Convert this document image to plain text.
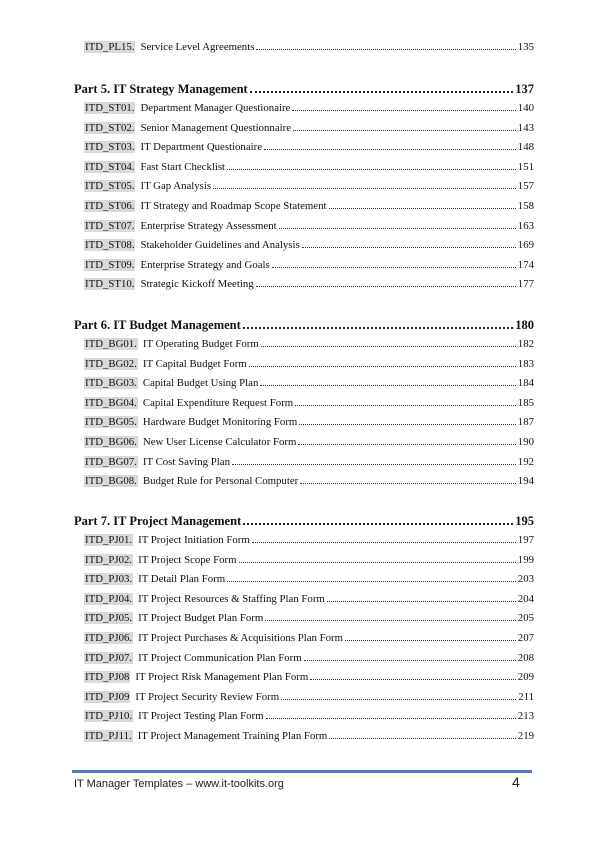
ITD_PL15. Service Level Agreements	135
Part 5. IT Strategy Management	137
ITD_ST01. Department Manager Questionaire	140
ITD_ST02. Senior Management Questionnaire	143
ITD_ST03. IT Department Questionaire	148
ITD_ST04. Fast Start Checklist	151
ITD_ST05. IT Gap Analysis	157
ITD_ST06. IT Strategy and Roadmap Scope Statement	158
ITD_ST07. Enterprise Strategy Assessment	163
ITD_ST08. Stakeholder Guidelines and Analysis	169
ITD_ST09. Enterprise Strategy and Goals	174
ITD_ST10. Strategic Kickoff Meeting	177
Part 6. IT Budget Management	180
ITD_BG01. IT Operating Budget Form	182
ITD_BG02. IT Capital Budget Form	183
ITD_BG03. Capital Budget Using Plan	184
ITD_BG04. Capital Expenditure Request Form	185
ITD_BG05. Hardware Budget Monitoring Form	187
ITD_BG06. New User License Calculator Form	190
ITD_BG07. IT Cost Saving Plan	192
ITD_BG08. Budget Rule for Personal Computer	194
Part 7. IT Project Management	195
ITD_PJ01. IT Project Initiation Form	197
ITD_PJ02. IT Project Scope Form	199
ITD_PJ03. IT Detail Plan Form	203
ITD_PJ04. IT Project Resources & Staffing Plan Form	204
ITD_PJ05. IT Project Budget Plan Form	205
ITD_PJ06. IT Project Purchases & Acquisitions Plan Form	207
ITD_PJ07. IT Project Communication Plan Form	208
ITD_PJ08 IT Project Risk Management Plan Form	209
ITD_PJ09 IT Project Security Review Form	211
ITD_PJ10. IT Project Testing Plan Form	213
ITD_PJ11. IT Project Management Training Plan Form	219
IT Manager Templates – www.it-toolkits.org	4
